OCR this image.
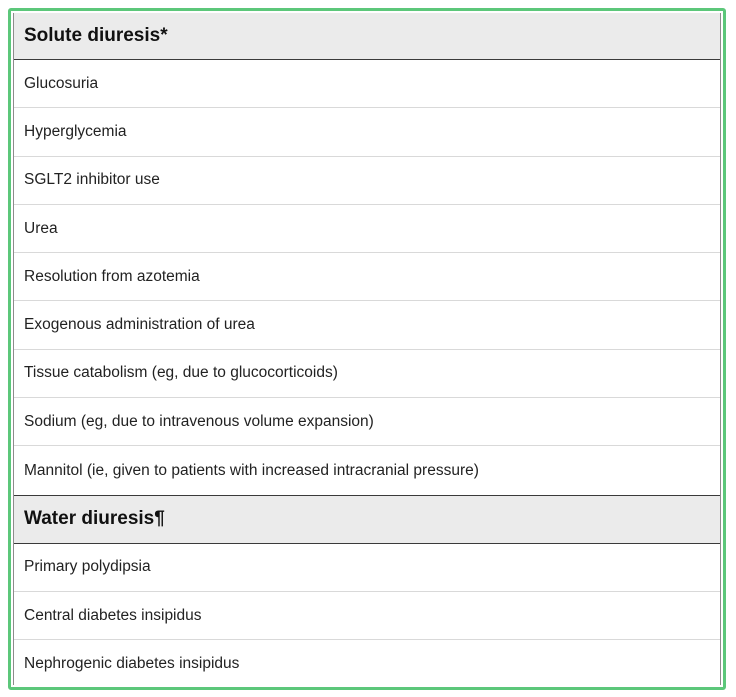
Solute diuresis*
Glucosuria
Hyperglycemia
SGLT2 inhibitor use
Urea
Resolution from azotemia
Exogenous administration of urea
Tissue catabolism (eg, due to glucocorticoids)
Sodium (eg, due to intravenous volume expansion)
Mannitol (ie, given to patients with increased intracranial pressure)
Water diuresis¶
Primary polydipsia
Central diabetes insipidus
Nephrogenic diabetes insipidus
